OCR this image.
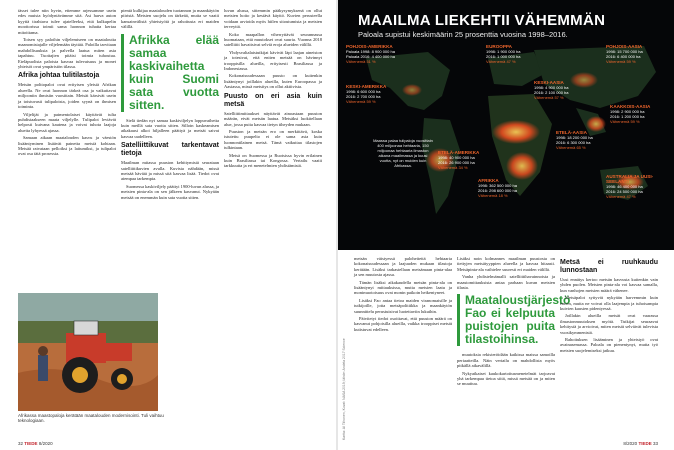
tässet tulee niin hyvin, ettemme arjessamme usein edes muista hyödyntävämme sitä. Asi harva auton kyytiä tirahtava tulee ajatelleeksi, että kulkupelin moottorissa toimii sama luonnon tuhatta kertaa mitoittama.

Toisen syy paloihin viljelemiseen on maataloutta maanomistajalle viljelemään täyttää. Paloilla tarvitaan mahdollisuuksia ja palvella laatua miten asia tapahtuu. Tuottajien pitäisi toimia tuhoutua. Eteläpuolista paloista kasvaa tulevaisuus ja monet yhteisöt ovat ympäristön tilassa.

Afrika johtaa tulitilastoja

Metsän polttopalot ovat erityisen yleisiä Afrikan alueella. Ne ovat luonnon tärkeä osa ja vaikuttavat miljooniin ihmisiin vuosittain. Metsät kärsivät usein ja toistuvasti tulipaloista, joiden syynä on ihmisen toiminta.

Viljelijät ja paimentolaiset käyttävät tulta puhdistaakseen maata viljelylle. Tulipalot leviävät helposti kuivana kautena ja voivat tuhota laajoja alueita lyhyessä ajassa.

Samaan aikaan maatalouden kasvu ja väestön lisääntyminen lisäävät painetta metsiä kohtaan. Metsää raivataan pelloiksi ja laitumiksi, ja tulipalot ovat osa tätä prosessia.

pientä kulkijaa maatalouden tuotannon ja maankäytön piiristä. Metsien suojelu on tärkeää, mutta se vaatii kansainvälistä yhteistyötä ja rahoitusta eri maiden välillä.

Afrikka elää samaa kaskivaihetta kuin Suomi sata vuotta sitten.

Sielä tiedän nyt samaa kaskiviljelyn loppuvaihetta kuin meillä sata vuotta sitten. Silloin kaskeamisen aikakausi alkoi hiljalleen päättyä ja metsät saivat kasvaa uudelleen.

Satelliittikuvat tarkentavat tietoja

Maailman mitassa puuston kehittymistä seurataan satelliittikuvien avulla. Kuvista nähdään, missä metsää häviää ja missä sitä kasvaa lisää. Tiedot ovat aiempaa tarkempia.

Suomessa kaskiviljely päättyi 1900-luvun alussa, ja metsien pinta-ala on sen jälkeen kasvanut. Nykyään metsää on enemmän kuin sata vuotta sitten.

luvun alussa, sittemmin pääkysymyksenä on ollut metsien hoito ja kestävä käyttö. Kuvien perusteella voidaan arvioida myös hiilen sitoutumista ja metsien terveyttä.

Koko maapallon viherryttävät seurannassa huomataan, että muutokset ovat suuria. Vuonna 2018 satelliitit havaitsivat selviä eroja alueiden välillä.

Yhdysvaltalaistutkijat kävivät läpi laajan aineiston ja totesivat, että eniten metsää on hävinnyt trooppisilla alueilla, erityisesti Brasiliassa ja Indonesiassa.

Kokonaisuudessaan puusto on kuitenkin lisääntynyt joillakin alueilla, kuten Euroopassa ja Aasiassa, missä metsitys on ollut aktiivista.

Puusto on eri asia kuin metsä

Satelliittimittaukset näyttävät ainoastaan puuston määrän, eivät metsän laatua. Metsäksi luokitellaan alue, jossa puita kasvaa tietyn tiheyden mukaan.

Puuston ja metsän ero on merkittävä, koska istutettu puupelto ei ole sama asia kuin luonnontilainen metsä. Tämä vaikuttaa tilastojen tulkintaan.

Metsä on Suomessa ja Ruotsissa hyvin erilainen kuin Brasiliassa tai Kongossa. Vertailu vaatii tarkkuutta ja eri menetelmien yhdistämistä.

Afrikassa maastopaloja kerätään maatalouden modernisointi. Tuli vaihtuu teknologiaan.
32 TIEDE 8/2020
MAAILMA LIEKEHTII VÄHEMMÄN
Paloala supistui keskimäärin 25 prosenttia vuosina 1998–2016.
Maassa palaa tulipaloja vuosittain 400 miljoonaa hehtaaria, 150 miljoonaa hehtaaria ilmaston aikana maailmassa ja kuusi vuotta, nyt on muiden kuin Afrikassa.
POHJOIS-AMERIKKA
Paloala 1998: 8 900 000 ha
Paloala 2016: 4 400 000 ha
Vähenemä 51 %
EUROOPPA
1998: 1 900 000 ha
2016: 1 000 000 ha
Vähenemä 47 %
KESKI-AMERIKKA
1998: 6 600 000 ha
2016: 2 700 000 ha
Vähenemä 59 %
POHJOIS-AASIA
1998: 15 700 000 ha
2016: 6 400 000 ha
Vähenemä 59 %
KESKI-AASIA
1998: 4 900 000 ha
2016: 2 100 000 ha
Vähenemä 57 %
ETELÄ-AMERIKKA
1998: 40 900 000 ha
2016: 26 900 000 ha
Vähenemä 34 %
AFRIKKA
1998: 362 500 000 ha
2016: 298 600 000 ha
Vähenemä 18 %
ETELÄ-AASIA
1998: 18 200 000 ha
2016: 6 300 000 ha
Vähenemä 65 %
KAAKKOIS-AASIA
1998: 2 900 000 ha
2016: 1 200 000 ha
Vähenemä 59 %
AUSTRALIA JA UUSI-SEELANTI
1998: 46 400 000 ha
2016: 24 500 000 ha
Vähenemä 47 %
Kartta: AI Tiihonen, Kuvat: NASA 2019; lähde: Andela 2017 Science

metsän väistyessä paloheitettä hehtaaria kokonaisuudessaan ja laajuuden mukaan tilastoja kerätään. Lisäksi tarkastellaan metsämaan pinta-alaa ja sen muutosta ajassa.

Tämän lisäksi aikakaudella metsän pinta-ala on lisääntynyt mittauksissa, mutta metsien laatu ja monimuotoisuus ovat monin paikoin heikentyneet.

Lisäksi Fao antaa tietoa maiden viranomaisille ja tutkijoille, jotta metsäpolitiikka ja maankäytön suunnittelu perustuisivat luotettaviin lukuihin.

Päivitetyt tiedot osoittavat, että puuston määrä on kasvanut pohjoisilla alueilla, vaikka trooppiset metsät kutistuvat edelleen.

Lisäksi noin kolmannes maailman puustosta on tiettyjen metsätyyppien alueella ja kasvaa hitaasti. Metsäpinta-ala vaihtelee suuresti eri maiden välillä.

Vanha yhdistelmämalli satelliittihavainnoista ja maastomittauksista antaa parhaan kuvan metsien tilasta.

Maataloustjärjestö Fao ei kelpuuta puistojen puita tilastoihinsa.

muutoksia rekisteröidään kaikissa maissa samoilla periaatteilla. Näin vertailu on mahdollista myös pitkällä aikavälillä.

Nykyaikaiset kaukokartoitusmenetelmät tarjoavat yhä tarkempaa tietoa siitä, missä metsää on ja miten se muuttuu.

Metsä ei ruuhkaudu lunnostaan

Uusi ennätys kertoo metsän kasvusta kuitenkin vain yhden puolen. Metsien pinta-ala voi kasvaa samalla, kun vanhojen metsien määrä vähenee.

Metsäpalot syttyvät nykyään harvemmin kuin ennen, mutta ne voivat olla laajempia ja tuhoisampia kuivien kausien pidentyessä.

Joillakin alueilla metsät ovat vaarassa ilmastonmuutoksen myötä. Tutkijat seuraavat kehitystä ja arvioivat, miten metsät selviävät tulevista vuosikymmenistä.

Rahoituksen lisääminen ja yhteistyö ovat avainasemassa. Paloala on pienentynyt, mutta työ metsien suojelemiseksi jatkuu.

8/2020 TIEDE 33
